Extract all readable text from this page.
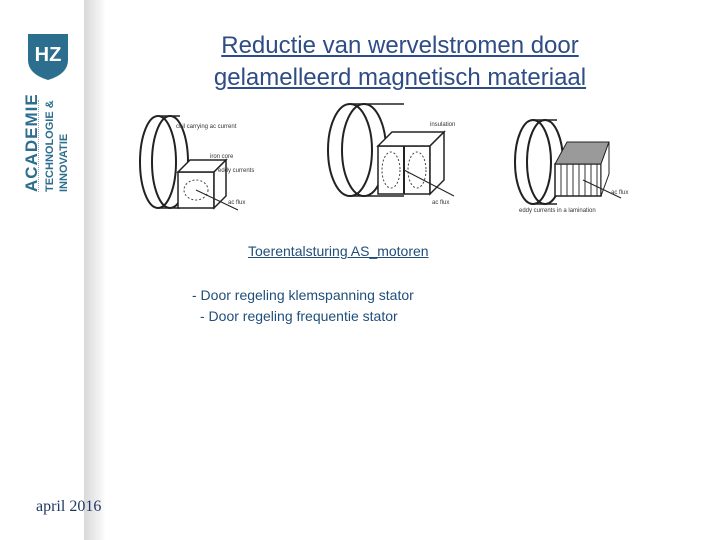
HZ
ACADEMIE TECHNOLOGIE & INNOVATIE
april 2016
Reductie van wervelstromen door
gelamelleerd magnetisch materiaal
coil carrying ac current
iron core
eddy currents
ac flux
insulation
ac flux
ac flux
eddy currents in a lamination
Toerentalsturing AS_motoren
- Door regeling klemspanning stator
- Door regeling frequentie stator
